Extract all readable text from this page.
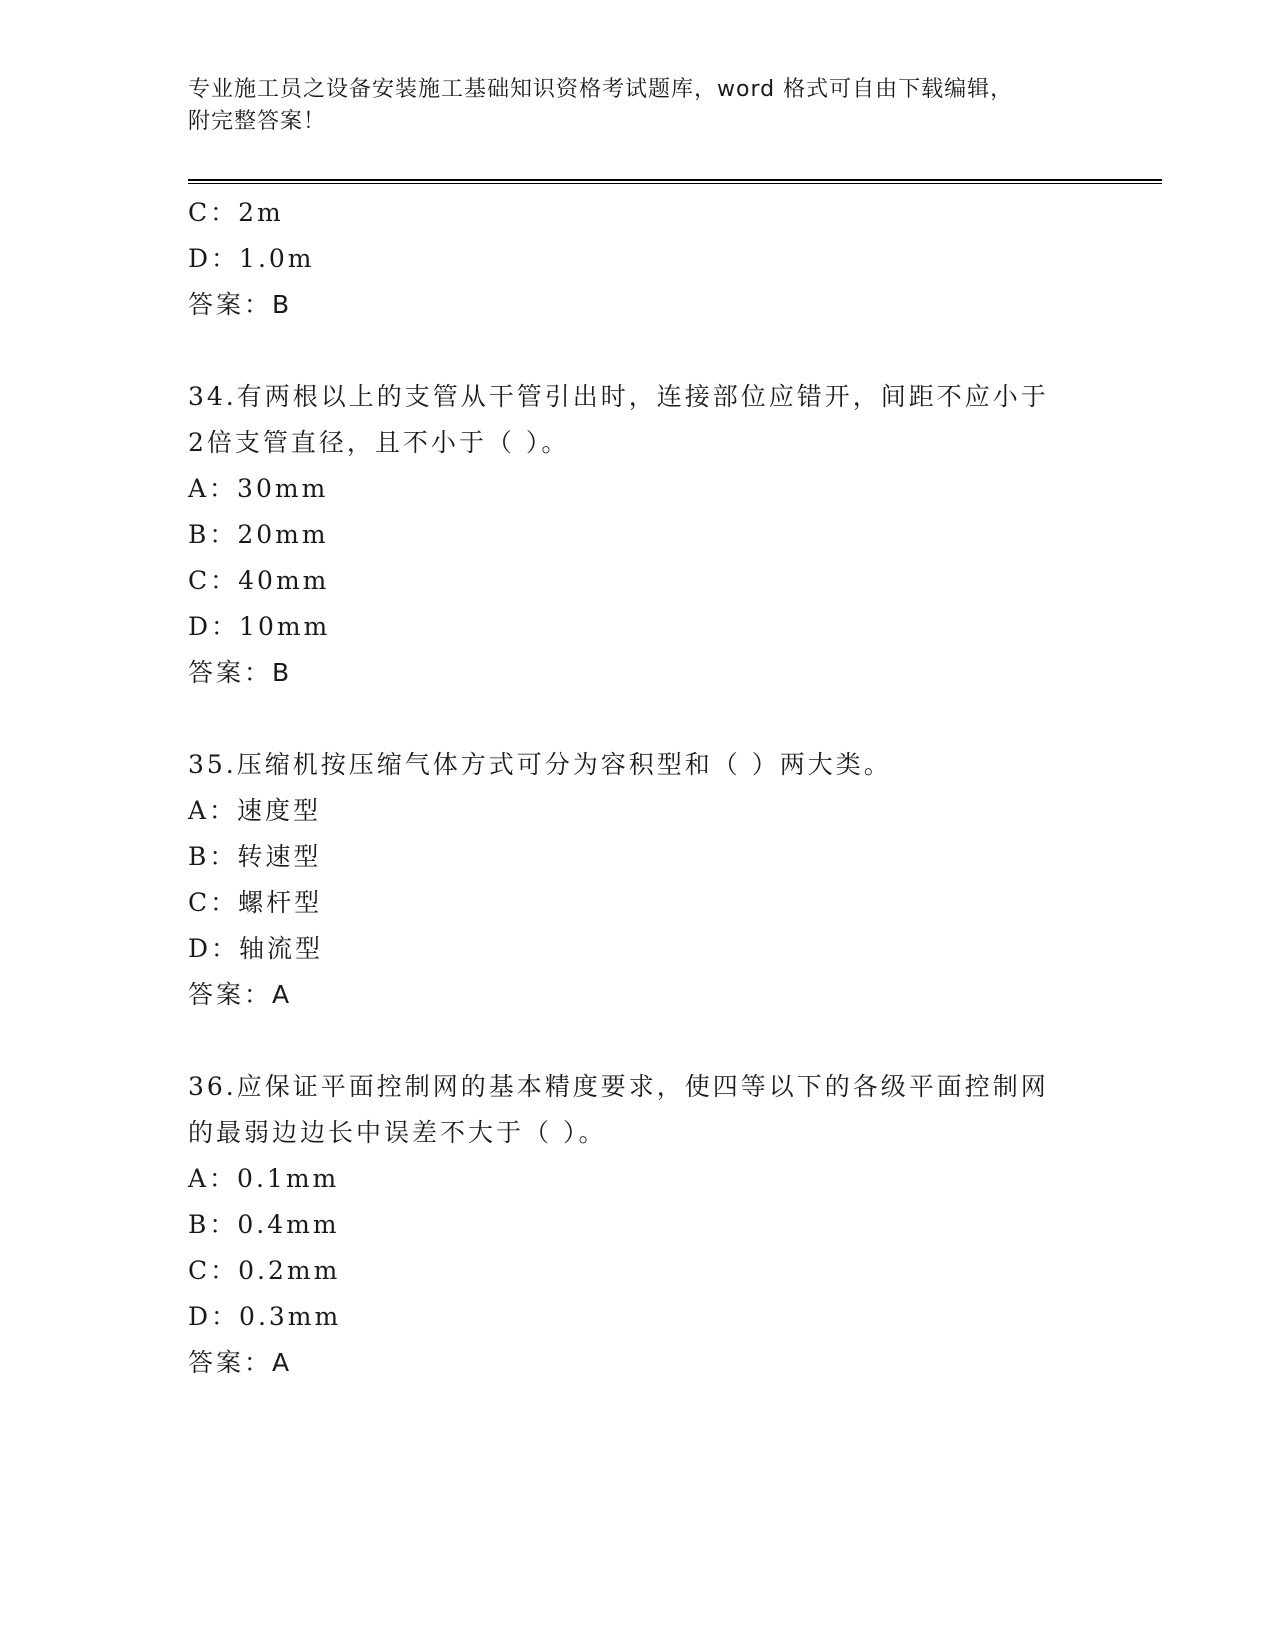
专业施工员之设备安装施工基础知识资格考试题库，word 格式可自由下载编辑，
附完整答案！
C：2m
D：1.0m
答案：B
34.有两根以上的支管从干管引出时，连接部位应错开，间距不应小于
2倍支管直径，且不小于（ ）。
A：30mm
B：20mm
C：40mm
D：10mm
答案：B
35.压缩机按压缩气体方式可分为容积型和（ ）两大类。
A：速度型
B：转速型
C：螺杆型
D：轴流型
答案：A
36.应保证平面控制网的基本精度要求，使四等以下的各级平面控制网
的最弱边边长中误差不大于（ ）。
A：0.1mm
B：0.4mm
C：0.2mm
D：0.3mm
答案：A
